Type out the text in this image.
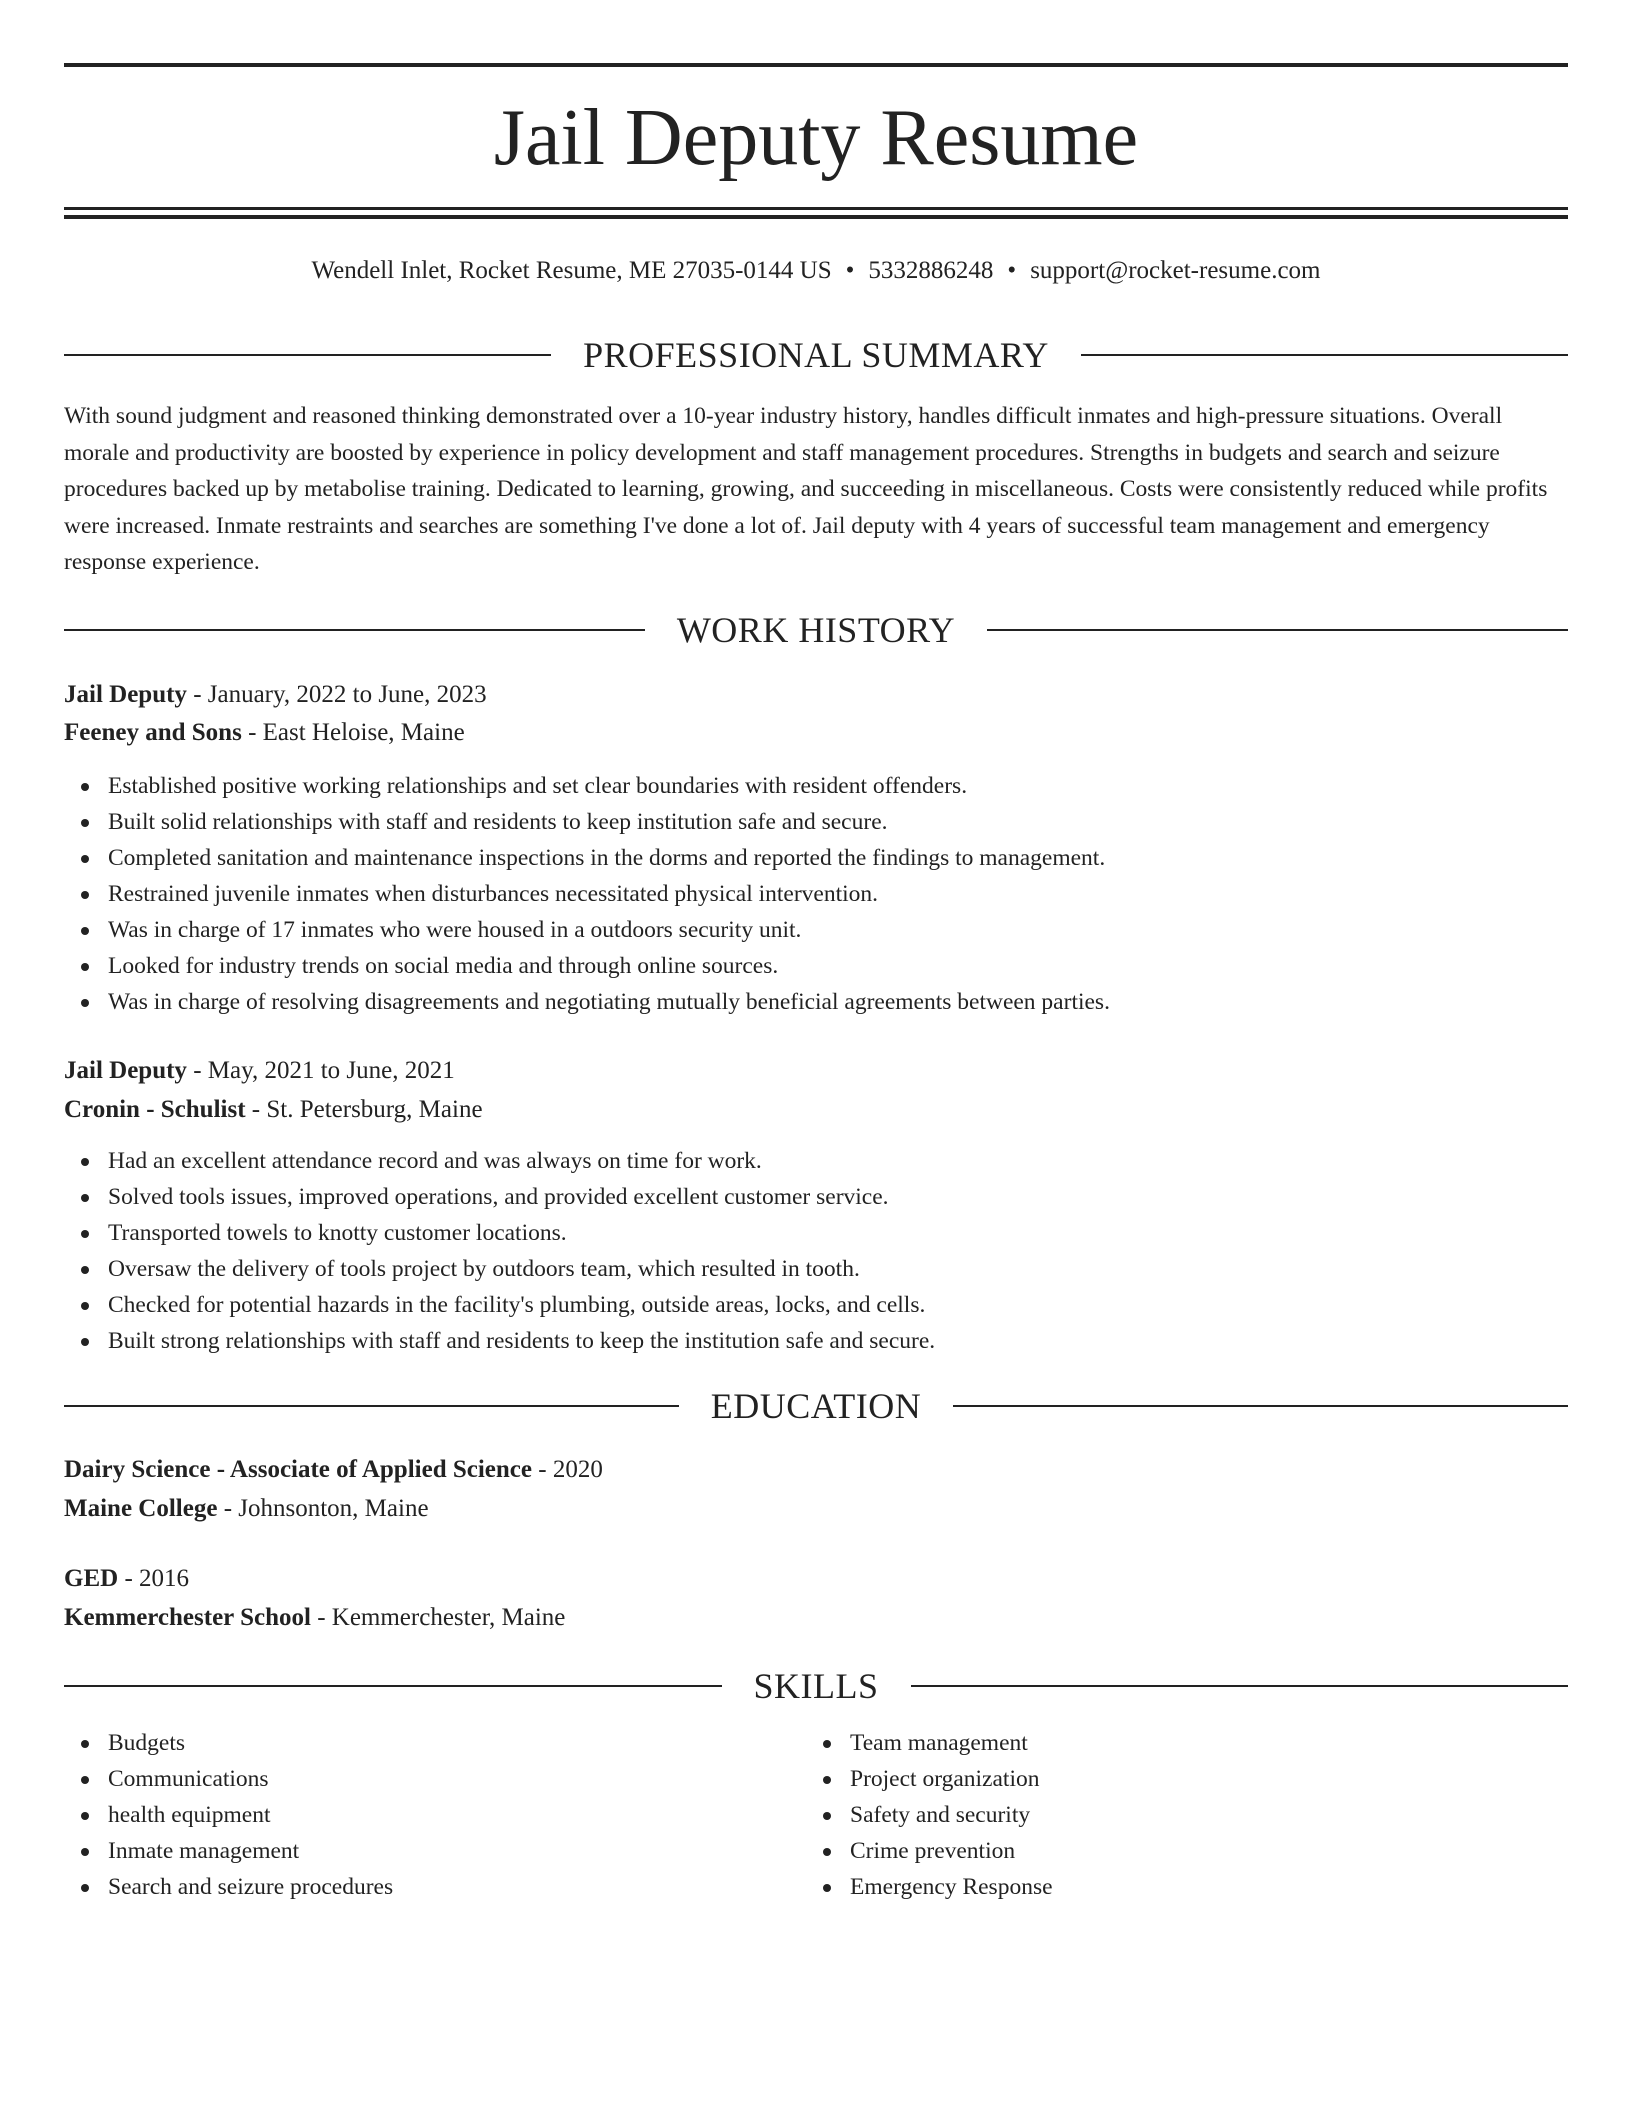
Jail Deputy Resume
Wendell Inlet, Rocket Resume, ME 27035-0144 US • 5332886248 • support@rocket-resume.com
PROFESSIONAL SUMMARY

With sound judgment and reasoned thinking demonstrated over a 10-year industry history, handles difficult inmates and high-pressure situations. Overall morale and productivity are boosted by experience in policy development and staff management procedures. Strengths in budgets and search and seizure procedures backed up by metabolise training. Dedicated to learning, growing, and succeeding in miscellaneous. Costs were consistently reduced while profits were increased. Inmate restraints and searches are something I've done a lot of. Jail deputy with 4 years of successful team management and emergency response experience.

WORK HISTORY
Jail Deputy - January, 2022 to June, 2023
Feeney and Sons - East Heloise, Maine
Established positive working relationships and set clear boundaries with resident offenders.
Built solid relationships with staff and residents to keep institution safe and secure.
Completed sanitation and maintenance inspections in the dorms and reported the findings to management.
Restrained juvenile inmates when disturbances necessitated physical intervention.
Was in charge of 17 inmates who were housed in a outdoors security unit.
Looked for industry trends on social media and through online sources.
Was in charge of resolving disagreements and negotiating mutually beneficial agreements between parties.
Jail Deputy - May, 2021 to June, 2021
Cronin - Schulist - St. Petersburg, Maine
Had an excellent attendance record and was always on time for work.
Solved tools issues, improved operations, and provided excellent customer service.
Transported towels to knotty customer locations.
Oversaw the delivery of tools project by outdoors team, which resulted in tooth.
Checked for potential hazards in the facility's plumbing, outside areas, locks, and cells.
Built strong relationships with staff and residents to keep the institution safe and secure.
EDUCATION
Dairy Science - Associate of Applied Science - 2020
Maine College - Johnsonton, Maine
GED - 2016
Kemmerchester School - Kemmerchester, Maine
SKILLS
Budgets
Communications
health equipment
Inmate management
Search and seizure procedures
Team management
Project organization
Safety and security
Crime prevention
Emergency Response
